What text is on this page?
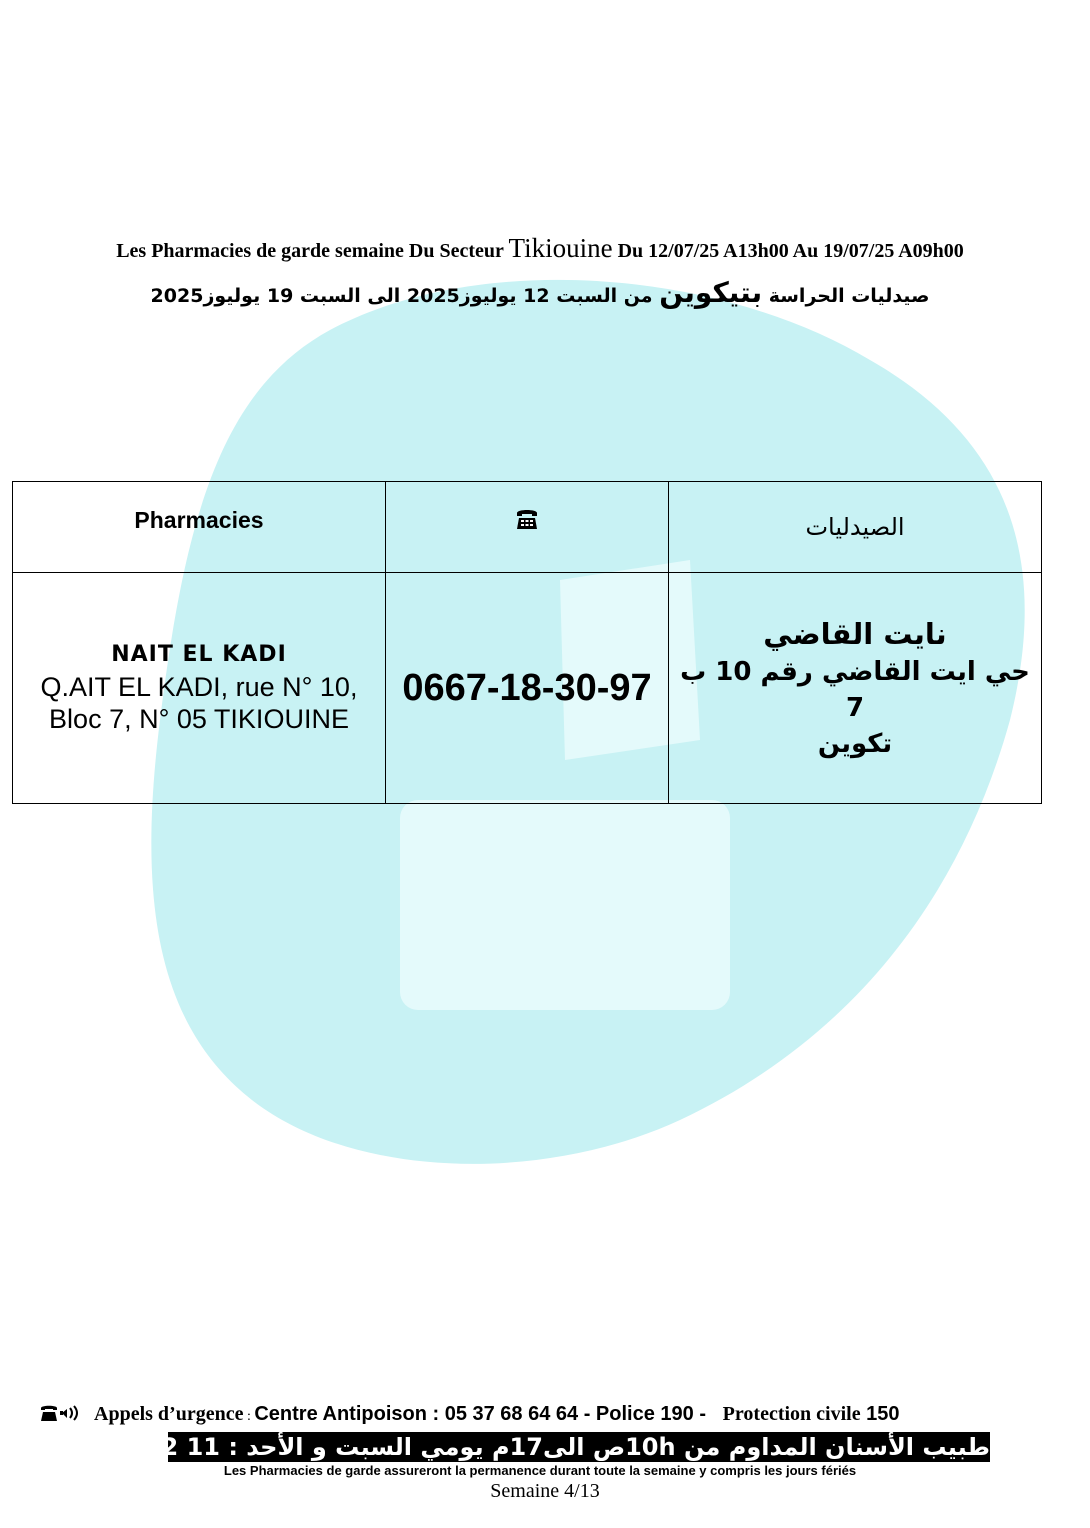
Les Pharmacies de garde semaine Du Secteur Tikiouine Du 12/07/25 A13h00 Au 19/07/25 A09h00
صيدليات الحراسة بتيكوين من السبت 12 يوليوز2025 الى السبت 19 يوليوز2025
Pharmacies		الصيدليات

NAIT EL KADI
Q.AIT EL KADI, rue N° 10,
Bloc 7, N° 05 TIKIOUINE	0667-18-30-97	نايت القاضي
حي ايت القاضي رقم 10 ب 7
تكوين
Appels d’urgence : Centre Antipoison : 05 37 68 64 64 - Police 190 - Protection civile 150
طبيب الأسنان المداوم من 10hص الى17م يومي السبت و الأحد : 11 12 11 08 06
Les Pharmacies de garde assureront la permanence durant toute la semaine y compris les jours fériés
Semaine 4/13
